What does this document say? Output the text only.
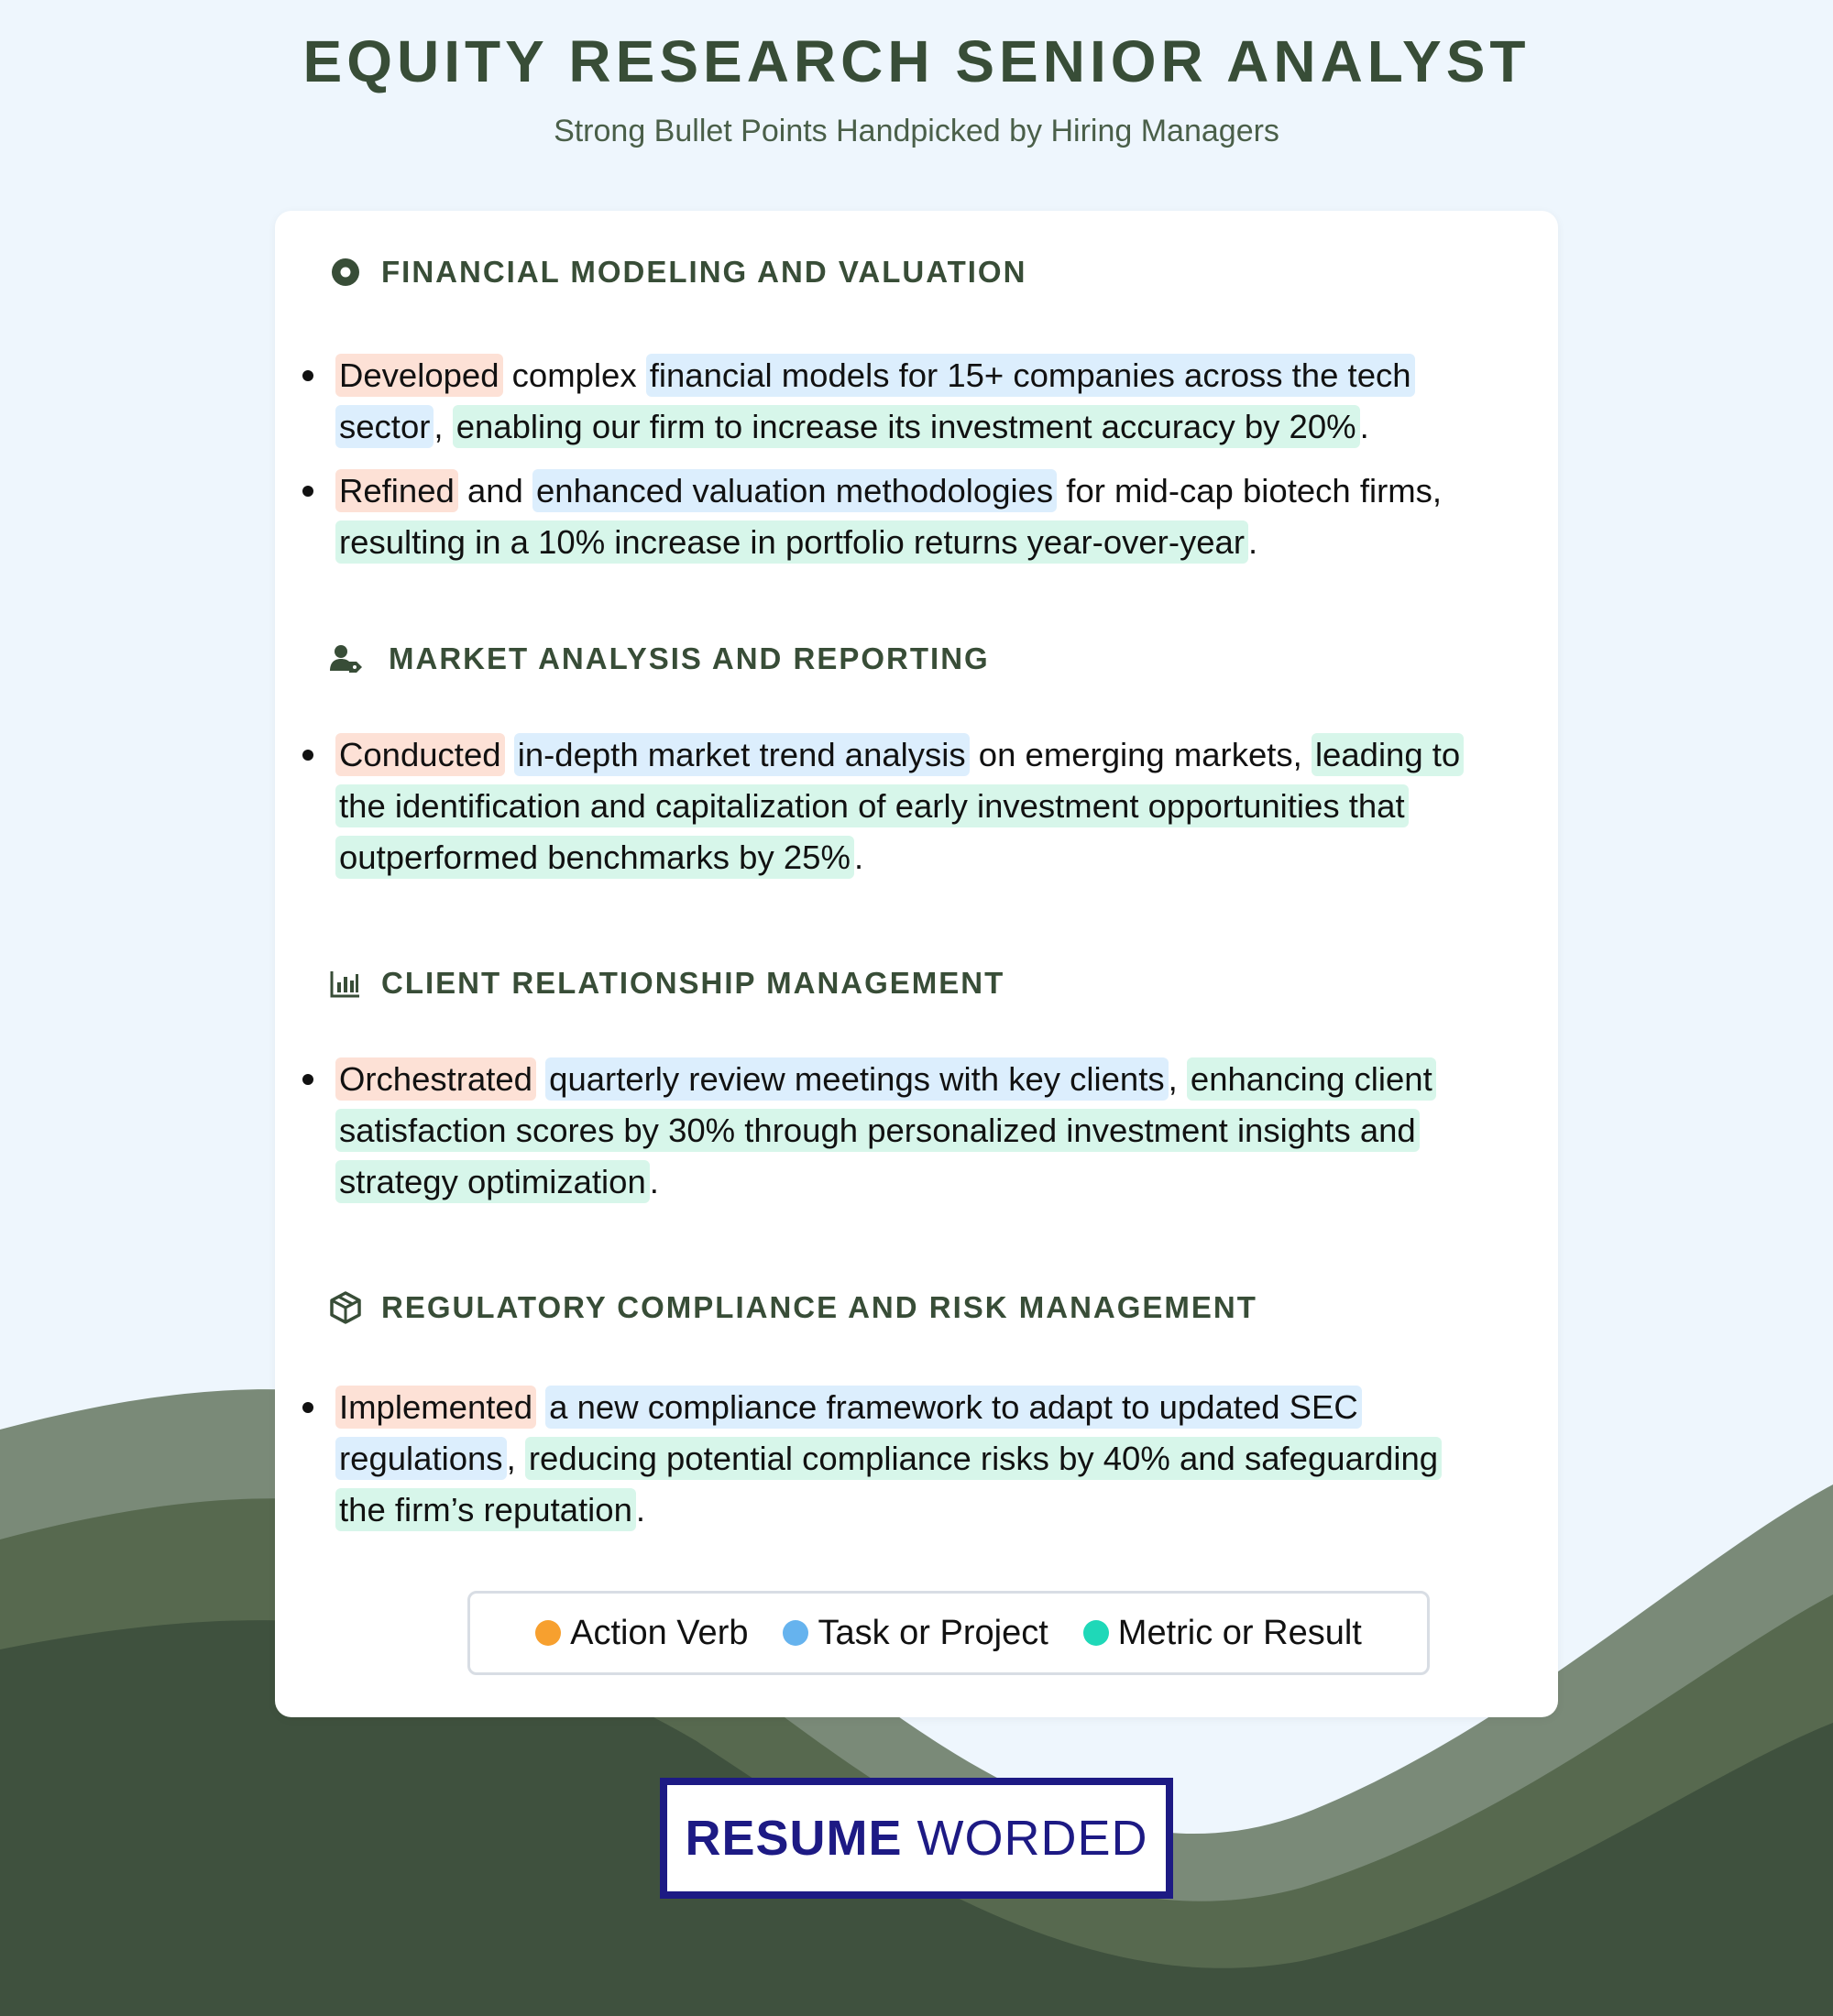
EQUITY RESEARCH SENIOR ANALYST
Strong Bullet Points Handpicked by Hiring Managers
FINANCIAL MODELING AND VALUATION
Developed complex financial models for 15+ companies across the tech sector , enabling our firm to increase its investment accuracy by 20% .
Refined and enhanced valuation methodologies for mid-cap biotech firms, resulting in a 10% increase in portfolio returns year-over-year .
MARKET ANALYSIS AND REPORTING
Conducted in-depth market trend analysis on emerging markets, leading to the identification and capitalization of early investment opportunities that outperformed benchmarks by 25% .
CLIENT RELATIONSHIP MANAGEMENT
Orchestrated quarterly review meetings with key clients , enhancing client satisfaction scores by 30% through personalized investment insights and strategy optimization .
REGULATORY COMPLIANCE AND RISK MANAGEMENT
Implemented a new compliance framework to adapt to updated SEC regulations , reducing potential compliance risks by 40% and safeguarding the firm’s reputation .
Action Verb Task or Project Metric or Result
RESUME WORDED
